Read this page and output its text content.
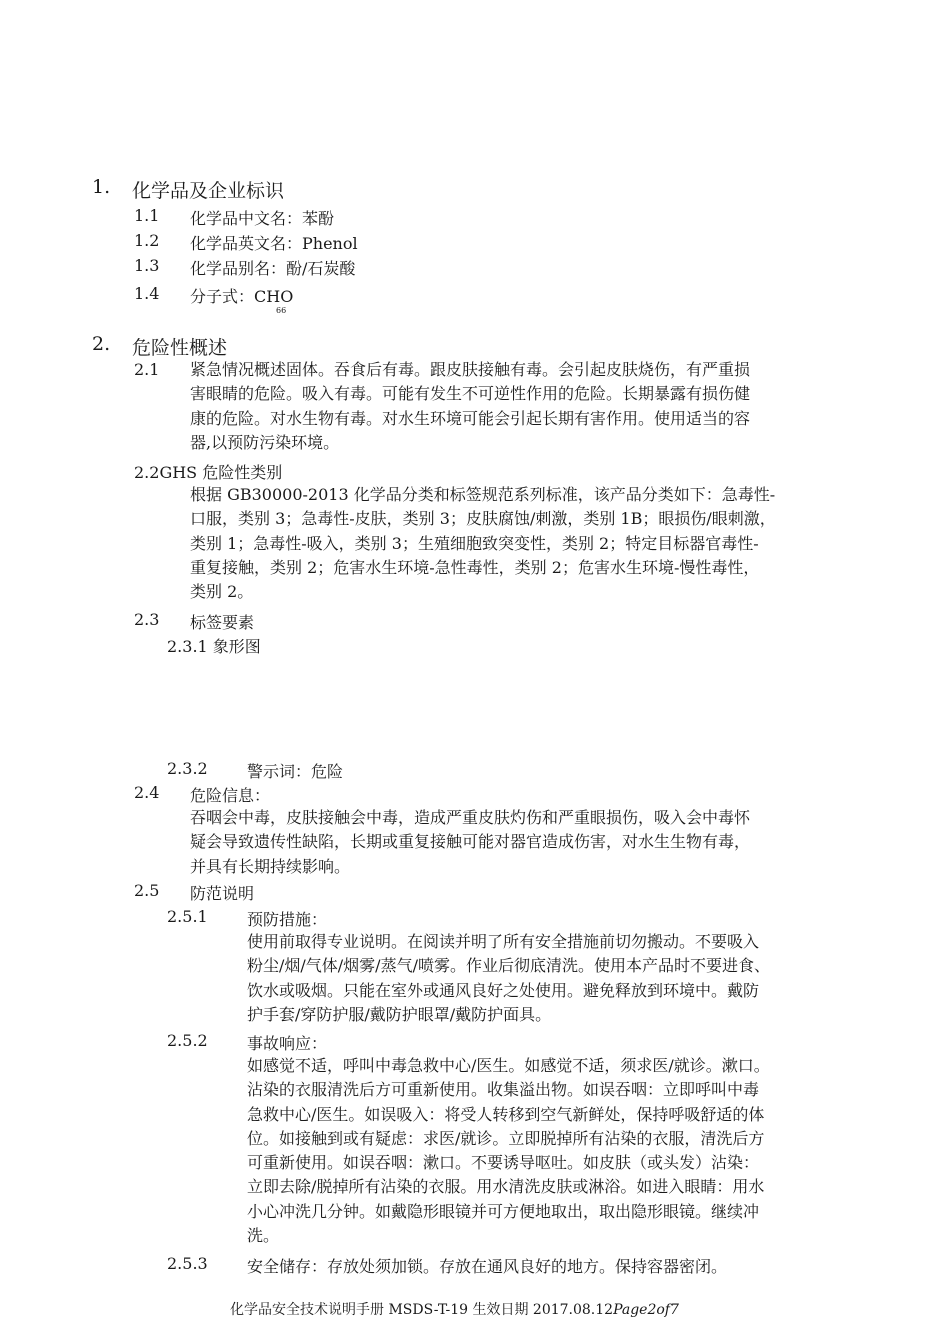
1. 化学品及企业标识
1.1 化学品中文名：苯酚
1.2 化学品英文名：Phenol
1.3 化学品别名：酚/石炭酸
1.4 分子式：CHO
66
2. 危险性概述
2.1 紧急情况概述固体。吞食后有毒。跟皮肤接触有毒。会引起皮肤烧伤，有严重损
害眼睛的危险。吸入有毒。可能有发生不可逆性作用的危险。长期暴露有损伤健
康的危险。对水生物有毒。对水生环境可能会引起长期有害作用。使用适当的容
器,以预防污染环境。
2.2GHS 危险性类别
根据 GB30000-2013 化学品分类和标签规范系列标准，该产品分类如下：急毒性-
口服，类别 3；急毒性-皮肤，类别 3；皮肤腐蚀/刺激，类别 1B；眼损伤/眼刺激，
类别 1；急毒性-吸入，类别 3；生殖细胞致突变性，类别 2；特定目标器官毒性-
重复接触，类别 2；危害水生环境-急性毒性，类别 2；危害水生环境-慢性毒性，
类别 2。
2.3 标签要素
2.3.1 象形图
2.3.2 警示词：危险
2.4 危险信息：
吞咽会中毒，皮肤接触会中毒，造成严重皮肤灼伤和严重眼损伤，吸入会中毒怀
疑会导致遗传性缺陷，长期或重复接触可能对器官造成伤害，对水生生物有毒，
并具有长期持续影响。
2.5 防范说明
2.5.1 预防措施：
使用前取得专业说明。在阅读并明了所有安全措施前切勿搬动。不要吸入
粉尘/烟/气体/烟雾/蒸气/喷雾。作业后彻底清洗。使用本产品时不要进食、
饮水或吸烟。只能在室外或通风良好之处使用。避免释放到环境中。戴防
护手套/穿防护服/戴防护眼罩/戴防护面具。
2.5.2 事故响应：
如感觉不适，呼叫中毒急救中心/医生。如感觉不适，须求医/就诊。漱口。
沾染的衣服清洗后方可重新使用。收集溢出物。如误吞咽：立即呼叫中毒
急救中心/医生。如误吸入：将受人转移到空气新鲜处，保持呼吸舒适的体
位。如接触到或有疑虑：求医/就诊。立即脱掉所有沾染的衣服，清洗后方
可重新使用。如误吞咽：漱口。不要诱导呕吐。如皮肤（或头发）沾染：
立即去除/脱掉所有沾染的衣服。用水清洗皮肤或淋浴。如进入眼睛：用水
小心冲洗几分钟。如戴隐形眼镜并可方便地取出，取出隐形眼镜。继续冲
洗。
2.5.3 安全储存：存放处须加锁。存放在通风良好的地方。保持容器密闭。
化学品安全技术说明手册 MSDS-T-19 生效日期 2017.08.12Page2of7
